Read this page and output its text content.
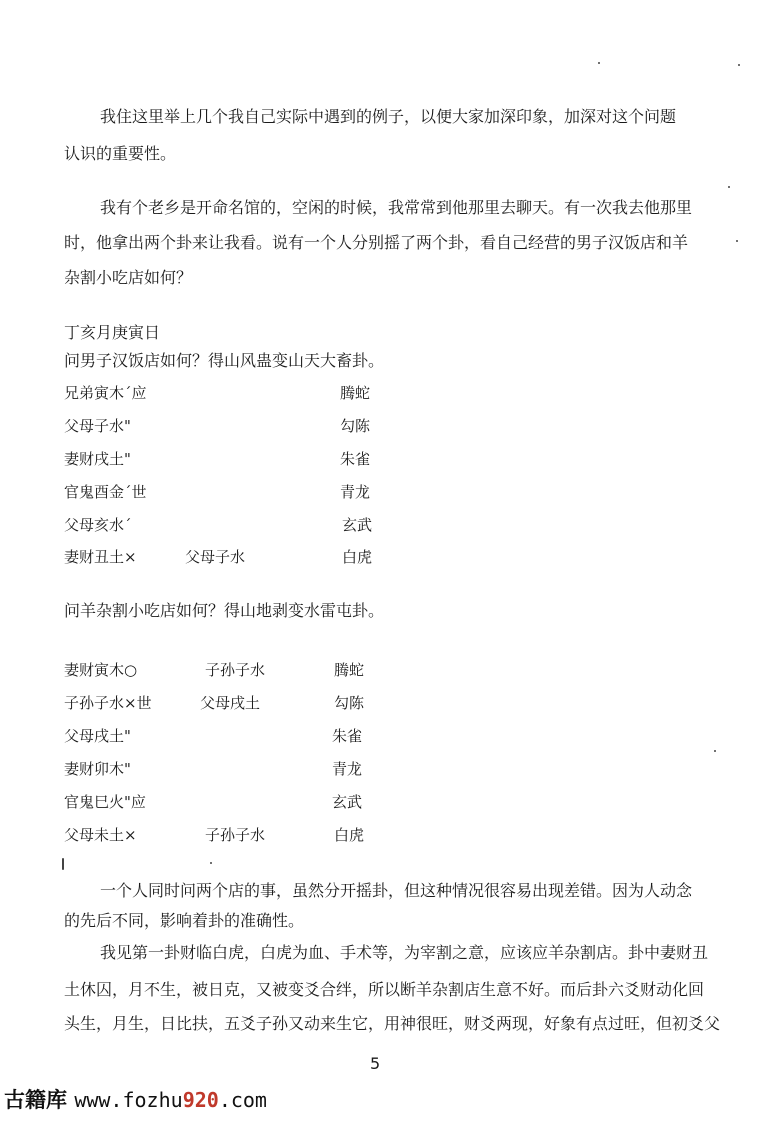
我住这里举上几个我自己实际中遇到的例子，以便大家加深印象，加深对这个问题

认识的重要性。

我有个老乡是开命名馆的，空闲的时候，我常常到他那里去聊天。有一次我去他那里

时，他拿出两个卦来让我看。说有一个人分别摇了两个卦，看自己经营的男子汉饭店和羊

杂割小吃店如何？

丁亥月庚寅日

问男子汉饭店如何？得山风蛊变山天大畜卦。

兄弟寅木´应	腾蛇
父母子水"	勾陈
妻财戌土"	朱雀
官鬼酉金´世	青龙
父母亥水´	玄武
妻财丑土×	父母子水	白虎

问羊杂割小吃店如何？得山地剥变水雷屯卦。

妻财寅木○	子孙子水	腾蛇
子孙子水×世	父母戌土	勾陈
父母戌土"	朱雀
妻财卯木"	青龙
官鬼巳火"应	玄武
父母未土×	子孙子水	白虎

一个人同时问两个店的事，虽然分开摇卦，但这种情况很容易出现差错。因为人动念

的先后不同，影响着卦的准确性。

我见第一卦财临白虎，白虎为血、手术等，为宰割之意，应该应羊杂割店。卦中妻财丑

土休囚，月不生，被日克，又被变爻合绊，所以断羊杂割店生意不好。而后卦六爻财动化回

头生，月生，日比扶，五爻子孙又动来生它，用神很旺，财爻两现，好象有点过旺，但初爻父

5
古籍库 www.fozhu920.com
